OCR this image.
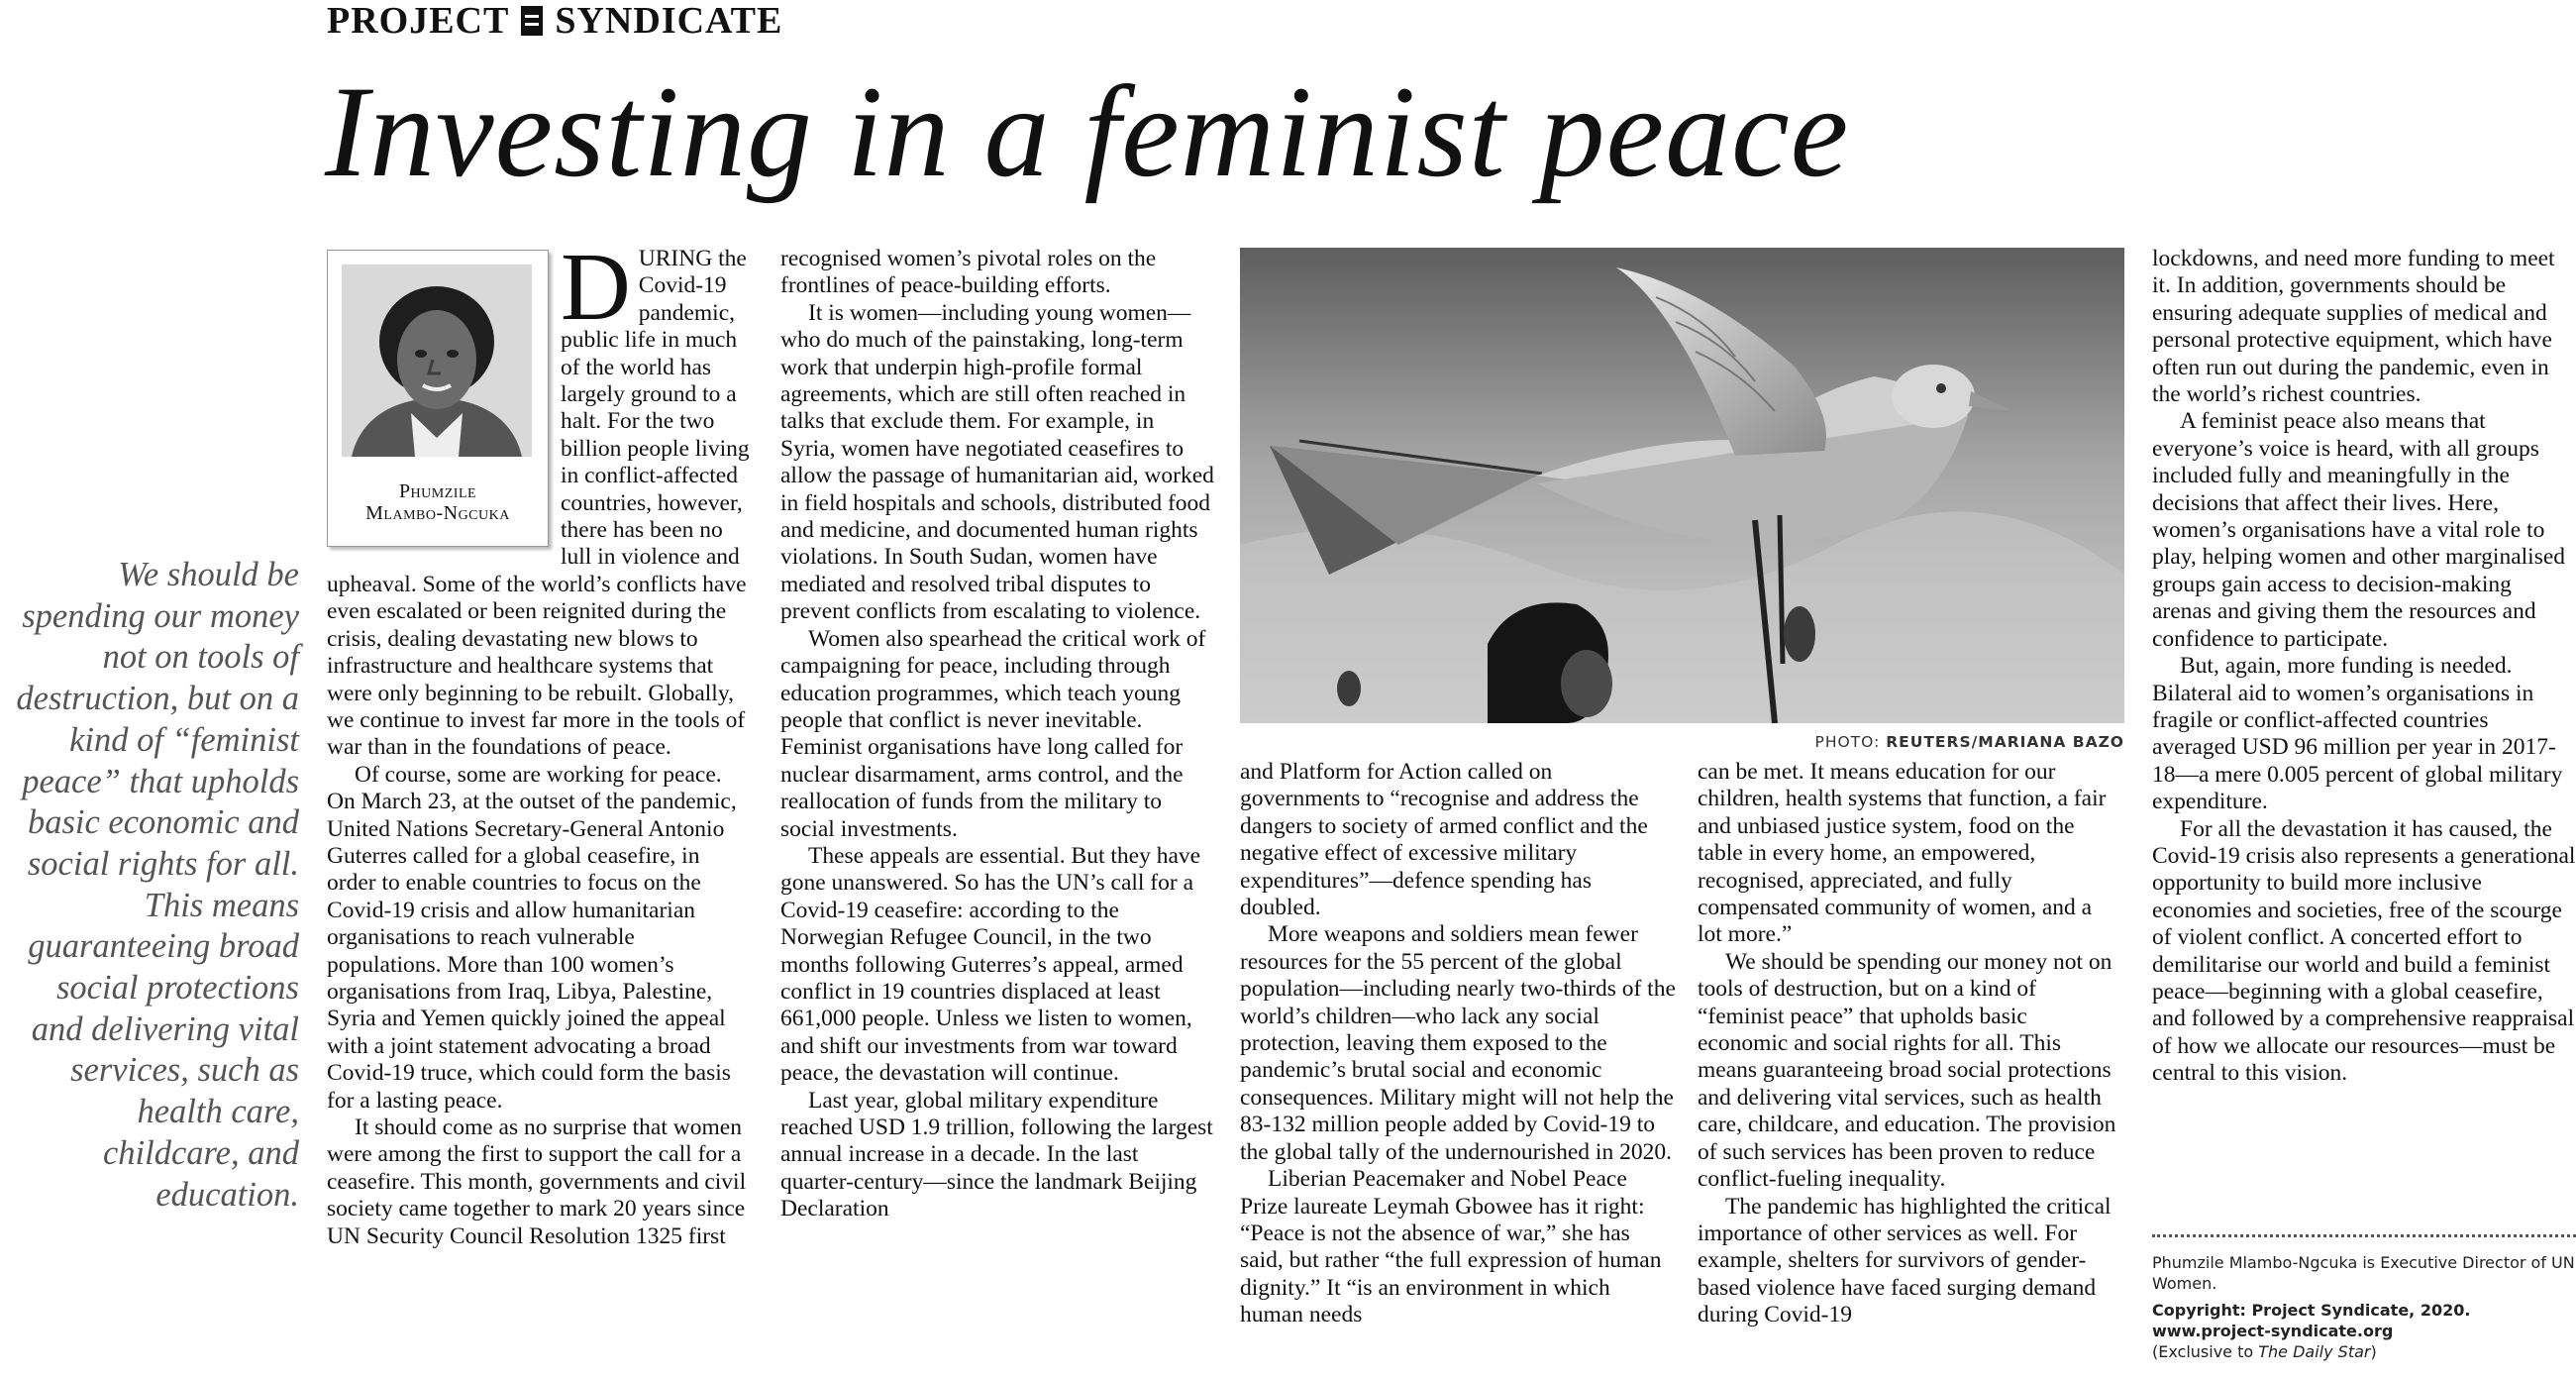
PROJECT SYNDICATE
Investing in a feminist peace
We should be spending our money not on tools of destruction, but on a kind of “feminist peace” that upholds basic economic and social rights for all. This means guaranteeing broad social protections and delivering vital services, such as health care, childcare, and education.
Phumzile
Mlambo-Ngcuka

DURING the Covid-19 pandemic, public life in much of the world has largely ground to a halt. For the two billion people living in conflict-affected countries, however, there has been no lull in violence and upheaval. Some of the world’s conflicts have even escalated or been reignited during the crisis, dealing devastating new blows to infrastructure and healthcare systems that were only beginning to be rebuilt. Globally, we continue to invest far more in the tools of war than in the foundations of peace.

Of course, some are working for peace. On March 23, at the outset of the pandemic, United Nations Secretary-General Antonio Guterres called for a global ceasefire, in order to enable countries to focus on the Covid-19 crisis and allow humanitarian organisations to reach vulnerable populations. More than 100 women’s organisations from Iraq, Libya, Palestine, Syria and Yemen quickly joined the appeal with a joint statement advocating a broad Covid-19 truce, which could form the basis for a lasting peace.

It should come as no surprise that women were among the first to support the call for a ceasefire. This month, governments and civil society came together to mark 20 years since UN Security Council Resolution 1325 first

recognised women’s pivotal roles on the frontlines of peace-building efforts.

It is women—including young women—who do much of the painstaking, long-term work that underpin high-profile formal agreements, which are still often reached in talks that exclude them. For example, in Syria, women have negotiated ceasefires to allow the passage of humanitarian aid, worked in field hospitals and schools, distributed food and medicine, and documented human rights violations. In South Sudan, women have mediated and resolved tribal disputes to prevent conflicts from escalating to violence.

Women also spearhead the critical work of campaigning for peace, including through education programmes, which teach young people that conflict is never inevitable. Feminist organisations have long called for nuclear disarmament, arms control, and the reallocation of funds from the military to social investments.

These appeals are essential. But they have gone unanswered. So has the UN’s call for a Covid-19 ceasefire: according to the Norwegian Refugee Council, in the two months following Guterres’s appeal, armed conflict in 19 countries displaced at least 661,000 people. Unless we listen to women, and shift our investments from war toward peace, the devastation will continue.

Last year, global military expenditure reached USD 1.9 trillion, following the largest annual increase in a decade. In the last quarter-century—since the landmark Beijing Declaration

PHOTO: REUTERS/MARIANA BAZO

and Platform for Action called on governments to “recognise and address the dangers to society of armed conflict and the negative effect of excessive military expenditures”—defence spending has doubled.

More weapons and soldiers mean fewer resources for the 55 percent of the global population—including nearly two-thirds of the world’s children—who lack any social protection, leaving them exposed to the pandemic’s brutal social and economic consequences. Military might will not help the 83-132 million people added by Covid-19 to the global tally of the undernourished in 2020.

Liberian Peacemaker and Nobel Peace Prize laureate Leymah Gbowee has it right: “Peace is not the absence of war,” she has said, but rather “the full expression of human dignity.” It “is an environment in which human needs

can be met. It means education for our children, health systems that function, a fair and unbiased justice system, food on the table in every home, an empowered, recognised, appreciated, and fully compensated community of women, and a lot more.”

We should be spending our money not on tools of destruction, but on a kind of “feminist peace” that upholds basic economic and social rights for all. This means guaranteeing broad social protections and delivering vital services, such as health care, childcare, and education. The provision of such services has been proven to reduce conflict-fueling inequality.

The pandemic has highlighted the critical importance of other services as well. For example, shelters for survivors of gender-based violence have faced surging demand during Covid-19

lockdowns, and need more funding to meet it. In addition, governments should be ensuring adequate supplies of medical and personal protective equipment, which have often run out during the pandemic, even in the world’s richest countries.

A feminist peace also means that everyone’s voice is heard, with all groups included fully and meaningfully in the decisions that affect their lives. Here, women’s organisations have a vital role to play, helping women and other marginalised groups gain access to decision-making arenas and giving them the resources and confidence to participate.

But, again, more funding is needed. Bilateral aid to women’s organisations in fragile or conflict-affected countries averaged USD 96 million per year in 2017-18—a mere 0.005 percent of global military expenditure.

For all the devastation it has caused, the Covid-19 crisis also represents a generational opportunity to build more inclusive economies and societies, free of the scourge of violent conflict. A concerted effort to demilitarise our world and build a feminist peace—beginning with a global ceasefire, and followed by a comprehensive reappraisal of how we allocate our resources—must be central to this vision.

Phumzile Mlambo-Ngcuka is Executive Director of UN Women.

Copyright: Project Syndicate, 2020.

www.project-syndicate.org

(Exclusive to The Daily Star)
